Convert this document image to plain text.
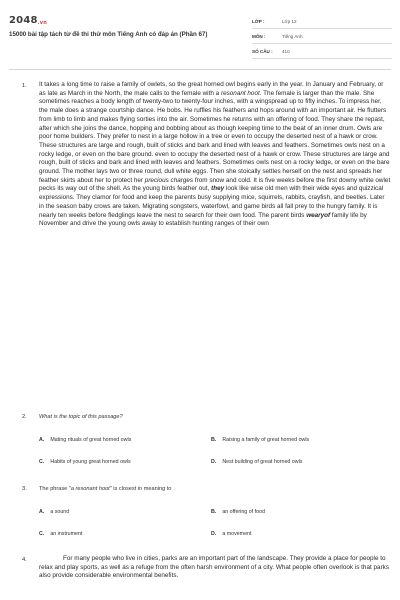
2048.vn
15000 bài tập tách từ đề thi thử môn Tiếng Anh có đáp án (Phần 67)
LỚP :	Lớp 12
MÔN :	Tiếng Anh
SỐ CÂU :	410
1. It takes a long time to raise a family of owlets, so the great horned owl begins early in the year. In January and February, or as late as March in the North, the male calls to the female with a resonant hoot. The female is larger than the male. She sometimes reaches a body length of twenty-two to twenty-four inches, with a wingspread up to fifty inches. To impress her, the male does a strange courtship dance. He bobs. He ruffles his feathers and hops around with an important air. He flutters from limb to limb and makes flying sorties into the air. Sometimes he returns with an offering of food. They share the repast, after which she joins the dance, hopping and bobbing about as though keeping time to the beat of an inner drum. Owls are poor home builders. They prefer to nest in a large hollow in a tree or even to occupy the deserted nest of a hawk or crow. These structures are large and rough, built of sticks and bark and lined with leaves and feathers. Sometimes owls nest on a rocky ledge, or even on the bare ground. even to occupy the deserted nest of a hawk or crow. These structures are large and rough, built of sticks and bark and lined with leaves and feathers. Sometimes owls nest on a rocky ledge, or even on the bare ground. The mother lays two or three round, dull white eggs. Then she stoically settles herself on the nest and spreads her feather skirts about her to protect her precious charges from snow and cold. It is five weeks before the first downy white owlet pecks its way out of the shell. As the young birds feather out, they look like wise old men with their wide eyes and quizzical expressions. They clamor for food and keep the parents busy supplying mice, squirrels, rabbits, crayfish, and beetles. Later in the season baby crows are taken. Migrating songsters, waterfowl, and game birds all fall prey to the hungry family. It is nearly ten weeks before fledglings leave the nest to search for their own food. The parent birds wearyof family life by November and drive the young owls away to establish hunting ranges of their own
2. What is the topic of this passage?
A. Mating rituals of great horned owls	B. Raising a family of great horned owls
C. Habits of young great horned owls	D. Nest building of great horned owls
3. The phrase "a resonant hoot" is closest in meaning to
A. a sound	B. an offering of food
C. an instrument	D. a movement
4.	For many people who live in cities, parks are an important part of the landscape. They provide a place for people to relax and play sports, as well as a refuge from the often harsh environment of a city. What people often overlook is that parks also provide considerable environmental benefits.
